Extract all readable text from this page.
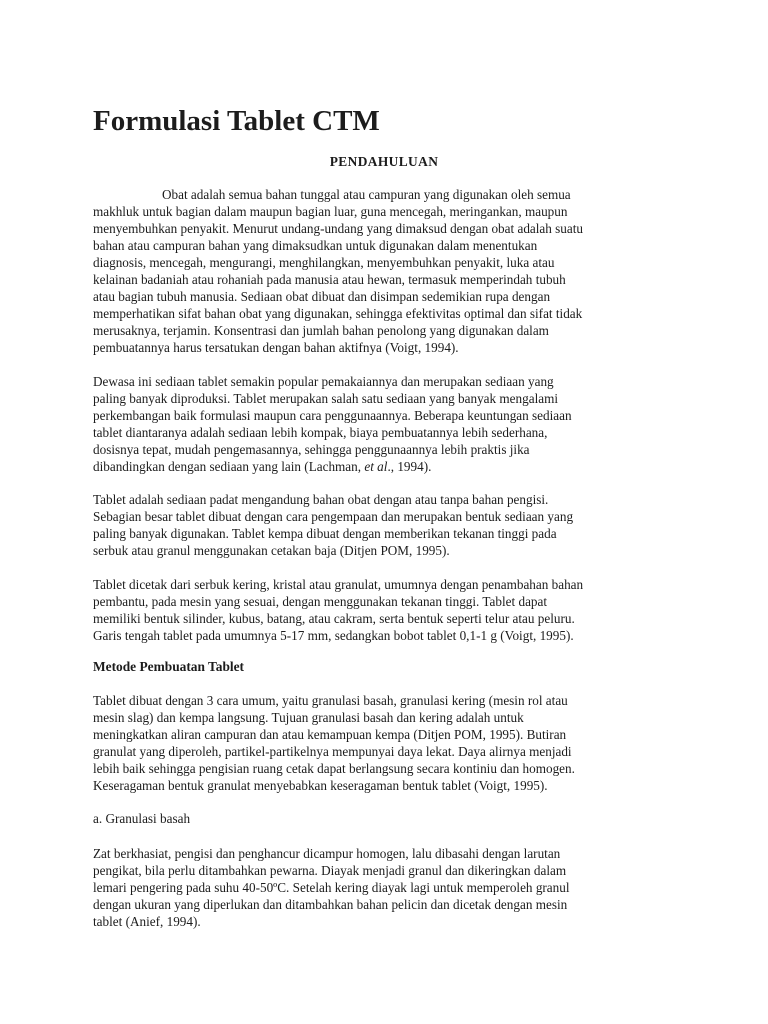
Formulasi Tablet CTM
PENDAHULUAN
Obat adalah semua bahan tunggal atau campuran yang digunakan oleh semua
makhluk untuk bagian dalam maupun bagian luar, guna mencegah, meringankan, maupun
menyembuhkan penyakit. Menurut undang-undang yang dimaksud dengan obat adalah suatu
bahan atau campuran bahan yang dimaksudkan untuk digunakan dalam menentukan
diagnosis, mencegah, mengurangi, menghilangkan, menyembuhkan penyakit, luka atau
kelainan badaniah atau rohaniah pada manusia atau hewan, termasuk memperindah tubuh
atau bagian tubuh manusia. Sediaan obat dibuat dan disimpan sedemikian rupa dengan
memperhatikan sifat bahan obat yang digunakan, sehingga efektivitas optimal dan sifat tidak
merusaknya, terjamin. Konsentrasi dan jumlah bahan penolong yang digunakan dalam
pembuatannya harus tersatukan dengan bahan aktifnya (Voigt, 1994).
Dewasa ini sediaan tablet semakin popular pemakaiannya dan merupakan sediaan yang
paling banyak diproduksi. Tablet merupakan salah satu sediaan yang banyak mengalami
perkembangan baik formulasi maupun cara penggunaannya. Beberapa keuntungan sediaan
tablet diantaranya adalah sediaan lebih kompak, biaya pembuatannya lebih sederhana,
dosisnya tepat, mudah pengemasannya, sehingga penggunaannya lebih praktis jika
dibandingkan dengan sediaan yang lain (Lachman, et al., 1994).
Tablet adalah sediaan padat mengandung bahan obat dengan atau tanpa bahan pengisi.
Sebagian besar tablet dibuat dengan cara pengempaan dan merupakan bentuk sediaan yang
paling banyak digunakan. Tablet kempa dibuat dengan memberikan tekanan tinggi pada
serbuk atau granul menggunakan cetakan baja (Ditjen POM, 1995).
Tablet dicetak dari serbuk kering, kristal atau granulat, umumnya dengan penambahan bahan
pembantu, pada mesin yang sesuai, dengan menggunakan tekanan tinggi. Tablet dapat
memiliki bentuk silinder, kubus, batang, atau cakram, serta bentuk seperti telur atau peluru.
Garis tengah tablet pada umumnya 5-17 mm, sedangkan bobot tablet 0,1-1 g (Voigt, 1995).
Metode Pembuatan Tablet
Tablet dibuat dengan 3 cara umum, yaitu granulasi basah, granulasi kering (mesin rol atau
mesin slag) dan kempa langsung. Tujuan granulasi basah dan kering adalah untuk
meningkatkan aliran campuran dan atau kemampuan kempa (Ditjen POM, 1995). Butiran
granulat yang diperoleh, partikel-partikelnya mempunyai daya lekat. Daya alirnya menjadi
lebih baik sehingga pengisian ruang cetak dapat berlangsung secara kontiniu dan homogen.
Keseragaman bentuk granulat menyebabkan keseragaman bentuk tablet (Voigt, 1995).
a. Granulasi basah
Zat berkhasiat, pengisi dan penghancur dicampur homogen, lalu dibasahi dengan larutan
pengikat, bila perlu ditambahkan pewarna. Diayak menjadi granul dan dikeringkan dalam
lemari pengering pada suhu 40-50ºC. Setelah kering diayak lagi untuk memperoleh granul
dengan ukuran yang diperlukan dan ditambahkan bahan pelicin dan dicetak dengan mesin
tablet (Anief, 1994).
